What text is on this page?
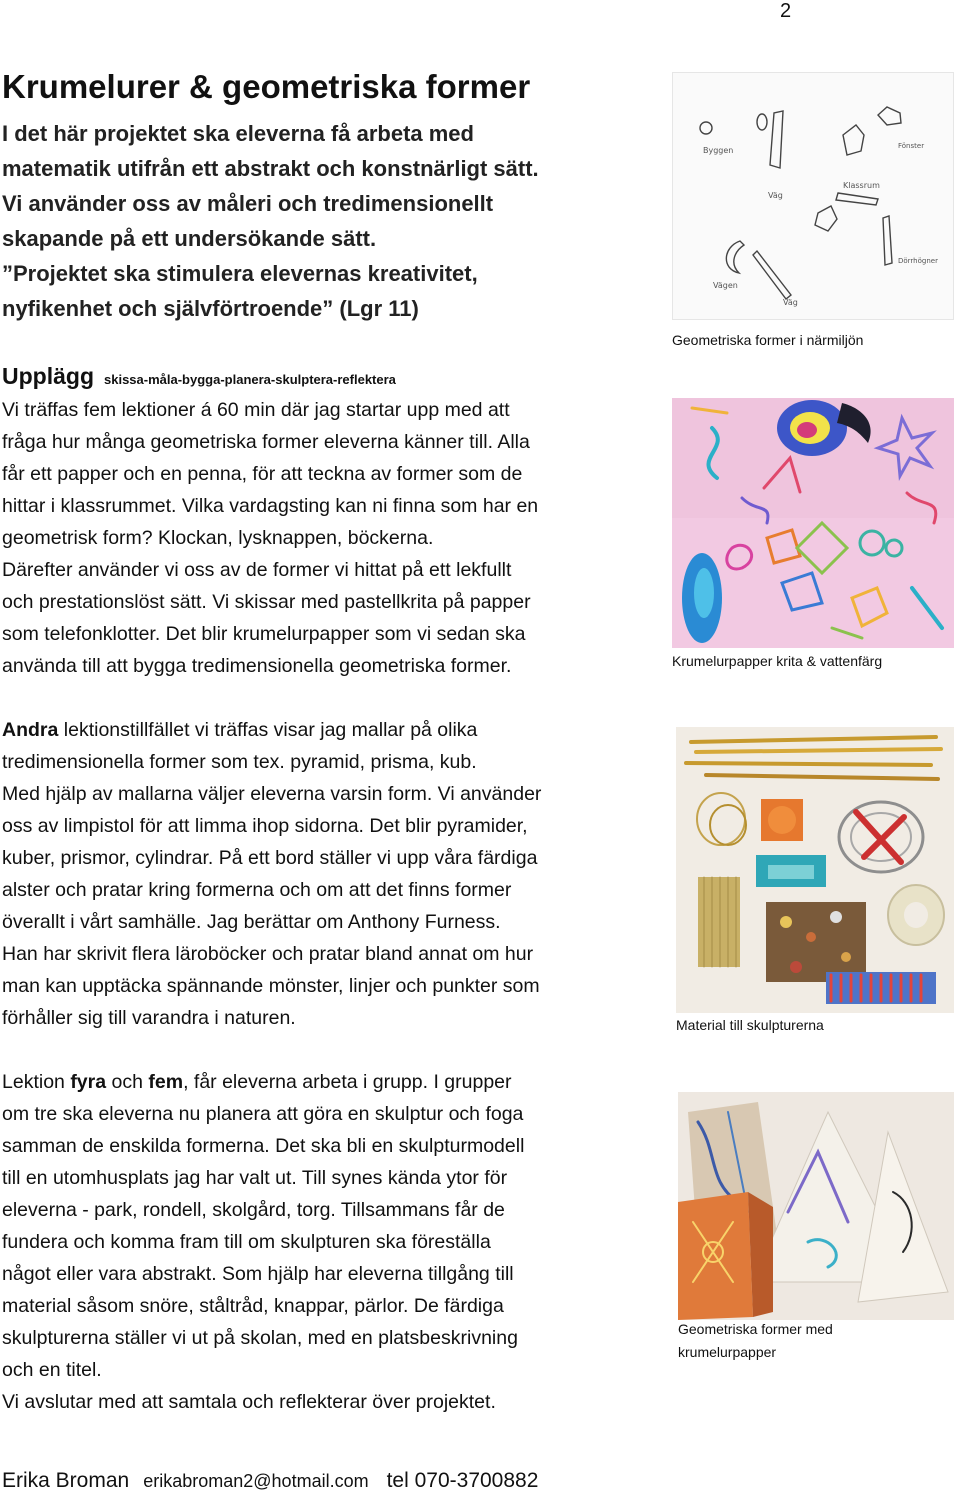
2
Krumelurer & geometriska former

I det här projektet ska eleverna få arbeta med

matematik utifrån ett abstrakt och konstnärligt sätt.

Vi använder oss av måleri och tredimensionellt

skapande på ett undersökande sätt.

”Projektet ska stimulera elevernas kreativitet,

nyfikenhet och självförtroende” (Lgr 11)

Upplägg skissa-måla-bygga-planera-skulptera-reflektera

Vi träffas fem lektioner á 60 min där jag startar upp med att

fråga hur många geometriska former eleverna känner till. Alla

får ett papper och en penna, för att teckna av former som de

hittar i klassrummet. Vilka vardagsting kan ni finna som har en

geometrisk form? Klockan, lysknappen, böckerna.

Därefter använder vi oss av de former vi hittat på ett lekfullt

och prestationslöst sätt. Vi skissar med pastellkrita på papper

som telefonklotter. Det blir krumelurpapper som vi sedan ska

använda till att bygga tredimensionella geometriska former.

Andra lektionstillfället vi träffas visar jag mallar på olika

tredimensionella former som tex. pyramid, prisma, kub.

Med hjälp av mallarna väljer eleverna varsin form. Vi använder

oss av limpistol för att limma ihop sidorna. Det blir pyramider,

kuber, prismor, cylindrar. På ett bord ställer vi upp våra färdiga

alster och pratar kring formerna och om att det finns former

överallt i vårt samhälle. Jag berättar om Anthony Furness.

Han har skrivit flera läroböcker och pratar bland annat om hur

man kan upptäcka spännande mönster, linjer och punkter som

förhåller sig till varandra i naturen.

Lektion fyra och fem, får eleverna arbeta i grupp. I grupper

om tre ska eleverna nu planera att göra en skulptur och foga

samman de enskilda formerna. Det ska bli en skulpturmodell

till en utomhusplats jag har valt ut. Till synes kända ytor för

eleverna - park, rondell, skolgård, torg. Tillsammans får de

fundera och komma fram till om skulpturen ska föreställa

något eller vara abstrakt. Som hjälp har eleverna tillgång till

material såsom snöre, ståltråd, knappar, pärlor. De färdiga

skulpturerna ställer vi ut på skolan, med en platsbeskrivning

och en titel.

Vi avslutar med att samtala och reflekterar över projektet.

Byggen
Väg
Klassrum
Fönster
Dörrhögner
Vägen
Väg
Geometriska former i närmiljön
Krumelurpapper krita & vattenfärg
Material till skulpturerna
Geometriska former med
krumelurpapper
Erika Broman erikabroman2@hotmail.com tel 070-3700882
